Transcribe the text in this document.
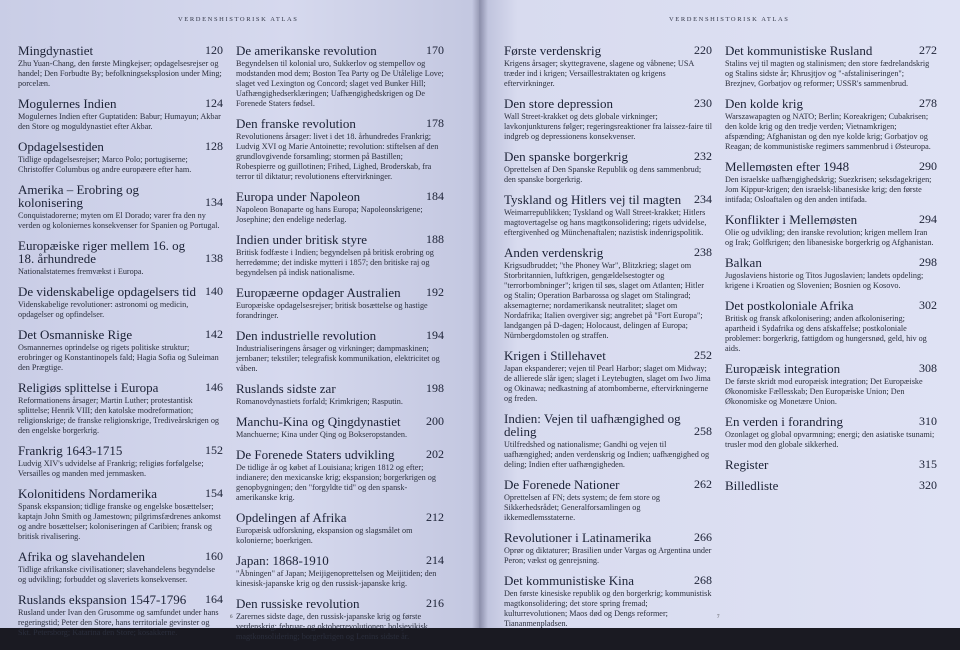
VERDENSHISTORISK ATLAS
Mingdynastiet	120
Zhu Yuan-Chang, den første Mingkejser; opdagelsesrejser og handel; Den Forbudte By; befolkningseksplosion under Ming; porcelæn.
Mogulernes Indien	124
Mogulernes Indien efter Guptatiden: Babur; Humayun; Akbar den Store og moguldynastiet efter Akbar.
Opdagelsestiden	128
Tidlige opdagelsesrejser; Marco Polo; portugiserne; Christoffer Columbus og andre europæere efter ham.
Amerika – Erobring og kolonisering	134
Conquistadorerne; myten om El Dorado; varer fra den ny verden og koloniernes konsekvenser for Spanien og Portugal.
Europæiske riger mellem 16. og 18. århundrede	138
Nationalstaternes fremvækst i Europa.
De videnskabelige opdagelsers tid 140
Videnskabelige revolutioner: astronomi og medicin, opdagelser og opfindelser.
Det Osmanniske Rige	142
Osmannernes oprindelse og rigets politiske struktur; erobringer og Konstantinopels fald; Hagia Sofia og Suleiman den Prægtige.
Religiøs splittelse i Europa	146
Reformationens årsager; Martin Luther; protestantisk splittelse; Henrik VIII; den katolske modreformation; religionskrige; de franske religionskrige, Trediveårskrigen og den engelske borgerkrig.
Frankrig 1643-1715	152
Ludvig XIV's udvidelse af Frankrig; religiøs forfølgelse; Versailles og manden med jernmasken.
Kolonitidens Nordamerika	154
Spansk ekspansion; tidlige franske og engelske bosættelser; kaptajn John Smith og Jamestown; pilgrimsfædrenes ankomst og andre bosættelser; koloniseringen af Caribien; fransk og britisk rivalisering.
Afrika og slavehandelen	160
Tidlige afrikanske civilisationer; slavehandelens begyndelse og udvikling; forbuddet og slaveriets konsekvenser.
Ruslands ekspansion 1547-1796	164
Rusland under Ivan den Grusomme og samfundet under hans regeringstid; Peter den Store, hans territoriale gevinster og Skt. Petersborg; Katarina den Store; kosakkerne.
De amerikanske revolution	170
Begyndelsen til kolonial uro, Sukkerlov og stempellov og modstanden mod dem; Boston Tea Party og De Utålelige Love; slaget ved Lexington og Concord; slaget ved Bunker Hill; Uafhængighedserklæringen; Uafhængighedskrigen og De Forenede Staters fødsel.
Den franske revolution	178
Revolutionens årsager: livet i det 18. århundredes Frankrig; Ludvig XVI og Marie Antoinette; revolution: stiftelsen af den grundlovgivende forsamling; stormen på Bastillen; Robespierre og guillotinen; Frihed, Lighed, Broderskab, fra terror til diktatur; revolutionens eftervirkninger.
Europa under Napoleon	184
Napoleon Bonaparte og hans Europa; Napoleonskrigene; Josephine; den endelige nederlag.
Indien under britisk styre	188
Britisk fodfæste i Indien; begyndelsen på britisk erobring og herredømme; det indiske mytteri i 1857; den britiske raj og begyndelsen på indisk nationalisme.
Europæerne opdager Australien	192
Europæiske opdagelsesrejser; britisk bosættelse og hastige forandringer.
Den industrielle revolution	194
Industrialiseringens årsager og virkninger; dampmaskinen; jernbaner; tekstiler; telegrafisk kommunikation, elektricitet og våben.
Ruslands sidste zar	198
Romanovdynastiets forfald; Krimkrigen; Rasputin.
Manchu-Kina og Qingdynastiet	200
Manchuerne; Kina under Qing og Bokseropstanden.
De Forenede Staters udvikling	202
De tidlige år og købet af Louisiana; krigen 1812 og efter; indianere; den mexicanske krig; ekspansion; borgerkrigen og genopbygningen; den "forgyldte tid" og den spansk-amerikanske krig.
Opdelingen af Afrika	212
Europæisk udforskning, ekspansion og slagsmålet om kolonierne; boerkrigen.
Japan: 1868-1910	214
"Åbningen" af Japan; Meijigenoprettelsen og Meijitiden; den kinesisk-japanske krig og den russisk-japanske krig.
Den russiske revolution	216
Zarernes sidste dage, den russisk-japanske krig og første verdenskrig; februar- og oktoberrevolutionen; bolsjevikisk magtkonsolidering; borgerkrigen og Lenins sidste år.
6
VERDENSHISTORISK ATLAS
Første verdenskrig	220
Krigens årsager; skyttegravene, slagene og våbnene; USA træder ind i krigen; Versaillestraktaten og krigens eftervirkninger.
Den store depression	230
Wall Street-krakket og dets globale virkninger; lavkonjunkturens følger; regeringsreaktioner fra laissez-faire til indgreb og depressionens konsekvenser.
Den spanske borgerkrig	232
Oprettelsen af Den Spanske Republik og dens sammenbrud; den spanske borgerkrig.
Tyskland og Hitlers vej til magten	234
Weimarrepublikken; Tyskland og Wall Street-krakket; Hitlers magtovertagelse og hans magtkonsolidering; rigets udvidelse, eftergivenhed og Münchenaftalen; nazistisk indenrigspolitik.
Anden verdenskrig	238
Krigsudbruddet; "the Phoney War", Blitzkrieg; slaget om Storbritannien, luftkrigen, gengældelsestogter og "terrorbombninger"; krigen til søs, slaget om Atlanten; Hitler og Stalin; Operation Barbarossa og slaget om Stalingrad; aksemagterne; nordamerikansk neutralitet; slaget om Nordafrika; Italien overgiver sig; angrebet på "Fort Europa"; landgangen på D-dagen; Holocaust, delingen af Europa; Nürnbergdomstolen og straffen.
Krigen i Stillehavet	252
Japan ekspanderer; vejen til Pearl Harbor; slaget om Midway; de allierede slår igen; slaget i Leytebugten, slaget om Iwo Jima og Okinawa; nedkastning af atombomberne, eftervirkningerne og freden.
Indien: Vejen til uafhængighed og deling	258
Utilfredshed og nationalisme; Gandhi og vejen til uafhængighed; anden verdenskrig og Indien; uafhængighed og deling; Indien efter uafhængigheden.
De Forenede Nationer	262
Oprettelsen af FN; dets system; de fem store og Sikkerhedsrådet; Generalforsamlingen og ikkemedlemsstaterne.
Revolutioner i Latinamerika	266
Oprør og diktaturer; Brasilien under Vargas og Argentina under Peron; vækst og genrejsning.
Det kommunistiske Kina	268
Den første kinesiske republik og den borgerkrig; kommunistisk magtkonsolidering; det store spring fremad; kulturrevolutionen; Maos død og Dengs reformer; Tiananmenpladsen.
Det kommunistiske Rusland	272
Stalins vej til magten og stalinismen; den store fædrelandskrig og Stalins sidste år; Khrusjtjov og "-afstaliniseringen"; Brezjnev, Gorbatjov og reformer; USSR's sammenbrud.
Den kolde krig	278
Warszawapagten og NATO; Berlin; Koreakrigen; Cubakrisen; den kolde krig og den tredje verden; Vietnamkrigen; afspænding; Afghanistan og den nye kolde krig; Gorbatjov og Reagan; de kommunistiske regimers sammenbrud i Østeuropa.
Mellemøsten efter 1948	290
Den israelske uafhængighedskrig; Suezkrisen; seksdagekrigen; Jom Kippur-krigen; den israelsk-libanesiske krig; den første intifada; Osloaftalen og den anden intifada.
Konflikter i Mellemøsten	294
Olie og udvikling; den iranske revolution; krigen mellem Iran og Irak; Golfkrigen; den libanesiske borgerkrig og Afghanistan.
Balkan	298
Jugoslaviens historie og Titos Jugoslavien; landets opdeling; krigene i Kroatien og Slovenien; Bosnien og Kosovo.
Det postkoloniale Afrika	302
Britisk og fransk afkolonisering; anden afkolonisering; apartheid i Sydafrika og dens afskaffelse; postkoloniale problemer: borgerkrig, fattigdom og hungersnød, geld, hiv og aids.
Europæisk integration	308
De første skridt mod europæisk integration; Det Europæiske Økonomiske Fællesskab; Den Europæiske Union; Den Økonomiske og Monetære Union.
En verden i forandring	310
Ozonlaget og global opvarmning; energi; den asiatiske tsunami; trusler mod den globale sikkerhed.
Register	315
Billedliste	320
7
